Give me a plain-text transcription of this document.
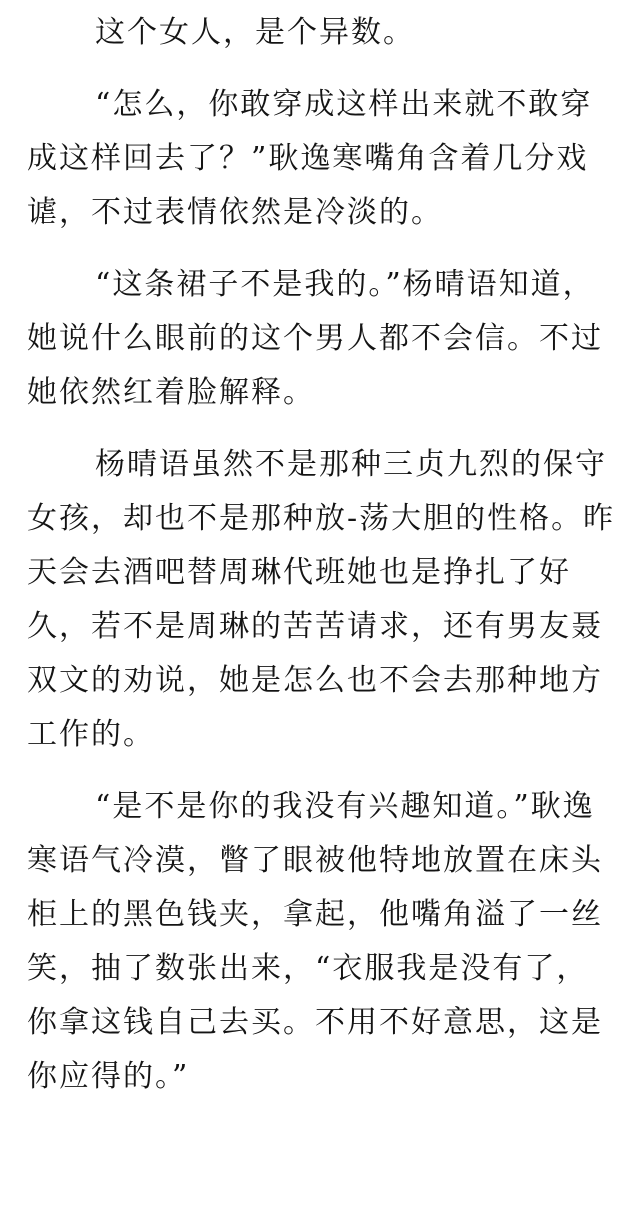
这个女人，是个异数。

“怎么，你敢穿成这样出来就不敢穿成这样回去了？”耿逸寒嘴角含着几分戏谑，不过表情依然是冷淡的。

“这条裙子不是我的。”杨晴语知道，她说什么眼前的这个男人都不会信。不过她依然红着脸解释。

杨晴语虽然不是那种三贞九烈的保守女孩，却也不是那种放-荡大胆的性格。昨天会去酒吧替周琳代班她也是挣扎了好久，若不是周琳的苦苦请求，还有男友聂双文的劝说，她是怎么也不会去那种地方工作的。

“是不是你的我没有兴趣知道。”耿逸寒语气冷漠，瞥了眼被他特地放置在床头柜上的黑色钱夹，拿起，他嘴角溢了一丝笑，抽了数张出来，“衣服我是没有了，你拿这钱自己去买。不用不好意思，这是你应得的。”
